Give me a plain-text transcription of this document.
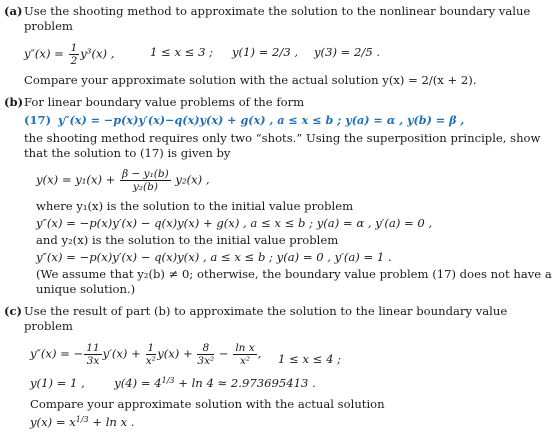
(a) Use the shooting method to approximate the solution to the nonlinear boundary value
problem
$y''(x) = \frac{1}{2} y^3(x)$ ,	1 ≤ x ≤ 3 ; y(1) = 2/3 , y(3) = 2/5 .
Compare your approximate solution with the actual solution y(x) = 2/(x + 2).
(b) For linear boundary value problems of the form
(17) y″(x) = −p(x)y′(x)−q(x)y(x) + g(x) , a ≤ x ≤ b ; y(a) = α , y(b) = β ,
the shooting method requires only two “shots.” Using the superposition principle, show
that the solution to (17) is given by
$y(x) = y_1(x) + \frac{\text{β − y₁(b)}}{\text{y₂(b)}} y_2(x)$ ,
where y₁(x) is the solution to the initial value problem
y″(x) = −p(x)y′(x) − q(x)y(x) + g(x) , a ≤ x ≤ b ; y(a) = α , y′(a) = 0 ,
and y₂(x) is the solution to the initial value problem
y″(x) = −p(x)y′(x) − q(x)y(x) , a ≤ x ≤ b ; y(a) = 0 , y′(a) = 1 .
(We assume that y₂(b) ≠ 0; otherwise, the boundary value problem (17) does not have a
unique solution.)
(c) Use the result of part (b) to approximate the solution to the linear boundary value
problem
y″(x) = − $\frac{11}{3x} y'(x) + \frac{1}{\text{x²}} y(x) + \frac{8}{\text{3x²}} - \frac{\text{ln x}}{\text{x²}}$ , 1 ≤ x ≤ 4 ;
y(1) = 1 ,	$y(4) = 4^{1/3} + \ln 4 \approx 2.973695413$ .
Compare your approximate solution with the actual solution
$y(x) = x^{1/3} + \ln x$ .
